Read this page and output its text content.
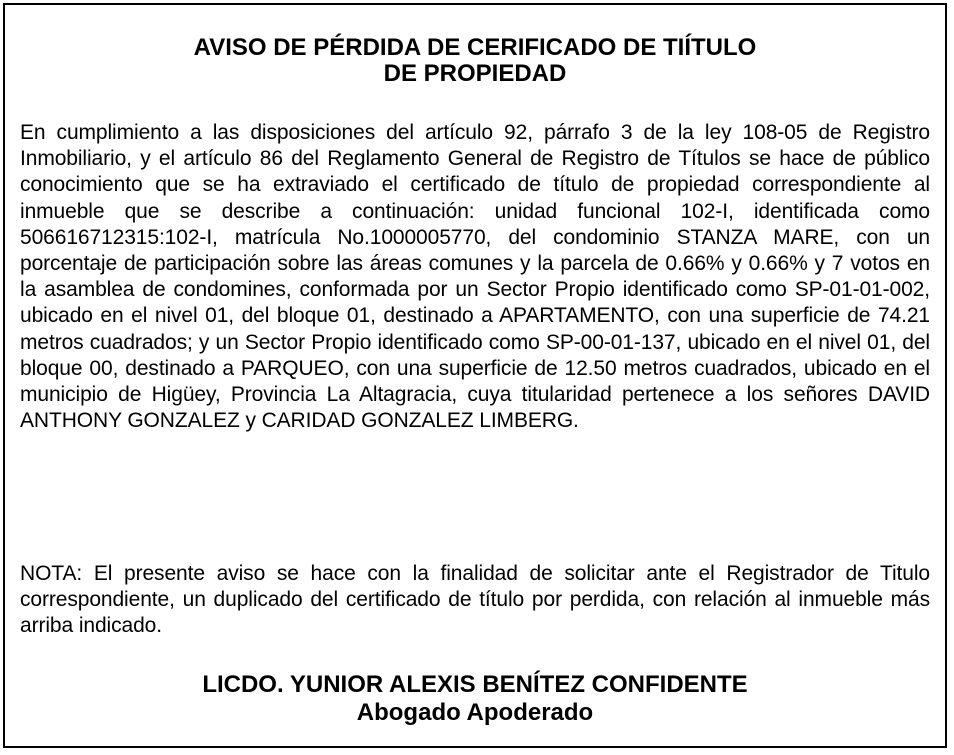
AVISO DE PÉRDIDA DE CERIFICADO DE TIÍTULO
DE PROPIEDAD

En cumplimiento a las disposiciones del artículo 92, párrafo 3 de la ley 108-05 de Registro Inmobiliario, y el artículo 86 del Reglamento General de Registro de Títulos se hace de público conocimiento que se ha extraviado el certificado de título de propiedad correspondiente al inmueble que se describe a continuación: unidad funcional 102-I, identificada como 506616712315:102-I, matrícula No.1000005770, del condominio STANZA MARE, con un porcentaje de participación sobre las áreas comunes y la parcela de 0.66% y 0.66% y 7 votos en la asamblea de condomines, conformada por un Sector Propio identificado como SP-01-01-002, ubicado en el nivel 01, del bloque 01, destinado a APARTAMENTO, con una superficie de 74.21 metros cuadrados; y un Sector Propio identificado como SP-00-01-137, ubicado en el nivel 01, del bloque 00, destinado a PARQUEO, con una superficie de 12.50 metros cuadrados, ubicado en el municipio de Higüey, Provincia La Altagracia, cuya titularidad pertenece a los señores DAVID ANTHONY GONZALEZ y CARIDAD GONZALEZ LIMBERG.

NOTA: El presente aviso se hace con la finalidad de solicitar ante el Registrador de Titulo correspondiente, un duplicado del certificado de título por perdida, con relación al inmueble más arriba indicado.

LICDO. YUNIOR ALEXIS BENÍTEZ CONFIDENTE
Abogado Apoderado
